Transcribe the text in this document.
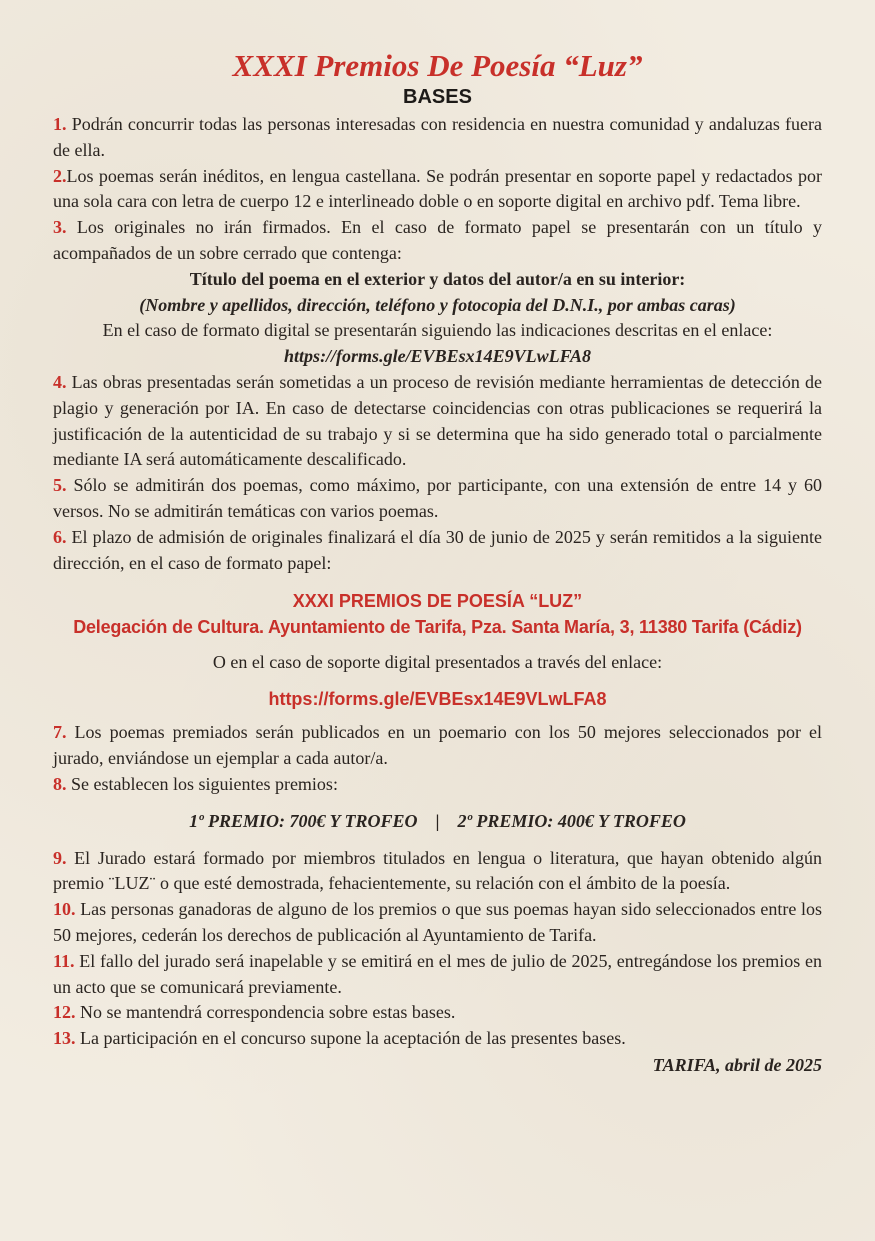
XXXI Premios De Poesía “Luz”
BASES

1. Podrán concurrir todas las personas interesadas con residencia en nuestra comunidad y andaluzas fuera de ella.

2.Los poemas serán inéditos, en lengua castellana. Se podrán presentar en soporte papel y redactados por una sola cara con letra de cuerpo 12 e interlineado doble o en soporte digital en archivo pdf. Tema libre.

3. Los originales no irán firmados. En el caso de formato papel se presentarán con un título y acompañados de un sobre cerrado que contenga:

Título del poema en el exterior y datos del autor/a en su interior:

(Nombre y apellidos, dirección, teléfono y fotocopia del D.N.I., por ambas caras)

En el caso de formato digital se presentarán siguiendo las indicaciones descritas en el enlace:

https://forms.gle/EVBEsx14E9VLwLFA8

4. Las obras presentadas serán sometidas a un proceso de revisión mediante herramientas de detección de plagio y generación por IA. En caso de detectarse coincidencias con otras publicaciones se requerirá la justificación de la autenticidad de su trabajo y si se determina que ha sido generado total o parcialmente mediante IA será automáticamente descalificado.

5. Sólo se admitirán dos poemas, como máximo, por participante, con una extensión de entre 14 y 60 versos. No se admitirán temáticas con varios poemas.

6. El plazo de admisión de originales finalizará el día 30 de junio de 2025 y serán remitidos a la siguiente dirección, en el caso de formato papel:

XXXI PREMIOS DE POESÍA “LUZ”

Delegación de Cultura. Ayuntamiento de Tarifa, Pza. Santa María, 3, 11380 Tarifa (Cádiz)

O en el caso de soporte digital presentados a través del enlace:

https://forms.gle/EVBEsx14E9VLwLFA8

7. Los poemas premiados serán publicados en un poemario con los 50 mejores seleccionados por el jurado, enviándose un ejemplar a cada autor/a.

8. Se establecen los siguientes premios:

1º PREMIO: 700€ Y TROFEO | 2º PREMIO: 400€ Y TROFEO

9. El Jurado estará formado por miembros titulados en lengua o literatura, que hayan obtenido algún premio ¨LUZ¨ o que esté demostrada, fehacientemente, su relación con el ámbito de la poesía.

10. Las personas ganadoras de alguno de los premios o que sus poemas hayan sido seleccionados entre los 50 mejores, cederán los derechos de publicación al Ayuntamiento de Tarifa.

11. El fallo del jurado será inapelable y se emitirá en el mes de julio de 2025, entregándose los premios en un acto que se comunicará previamente.

12. No se mantendrá correspondencia sobre estas bases.

13. La participación en el concurso supone la aceptación de las presentes bases.

TARIFA, abril de 2025
